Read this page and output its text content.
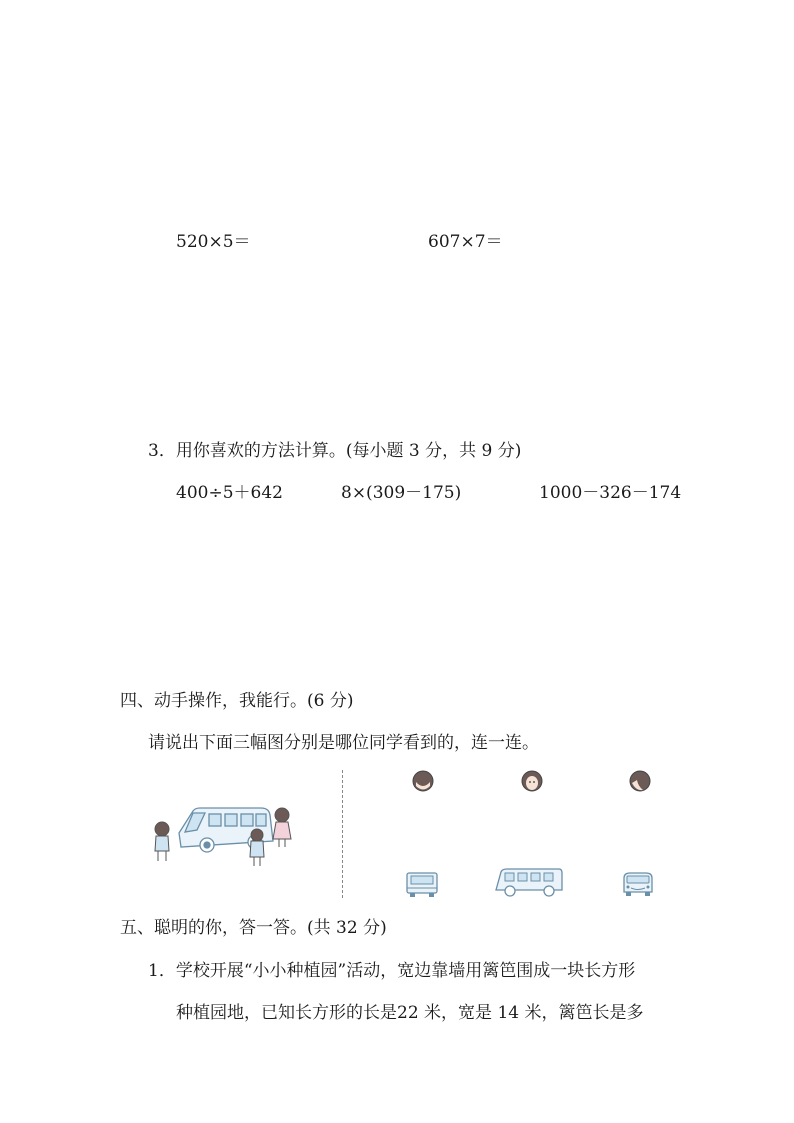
520×5＝	607×7＝
3．用你喜欢的方法计算。(每小题 3 分，共 9 分)
400÷5＋642	8×(309－175)	1000－326－174
四、动手操作，我能行。(6 分)
请说出下面三幅图分别是哪位同学看到的，连一连。
五、聪明的你，答一答。(共 32 分)
1．学校开展“小小种植园”活动，宽边靠墙用篱笆围成一块长方形
种植园地，已知长方形的长是22 米，宽是 14 米，篱笆长是多
